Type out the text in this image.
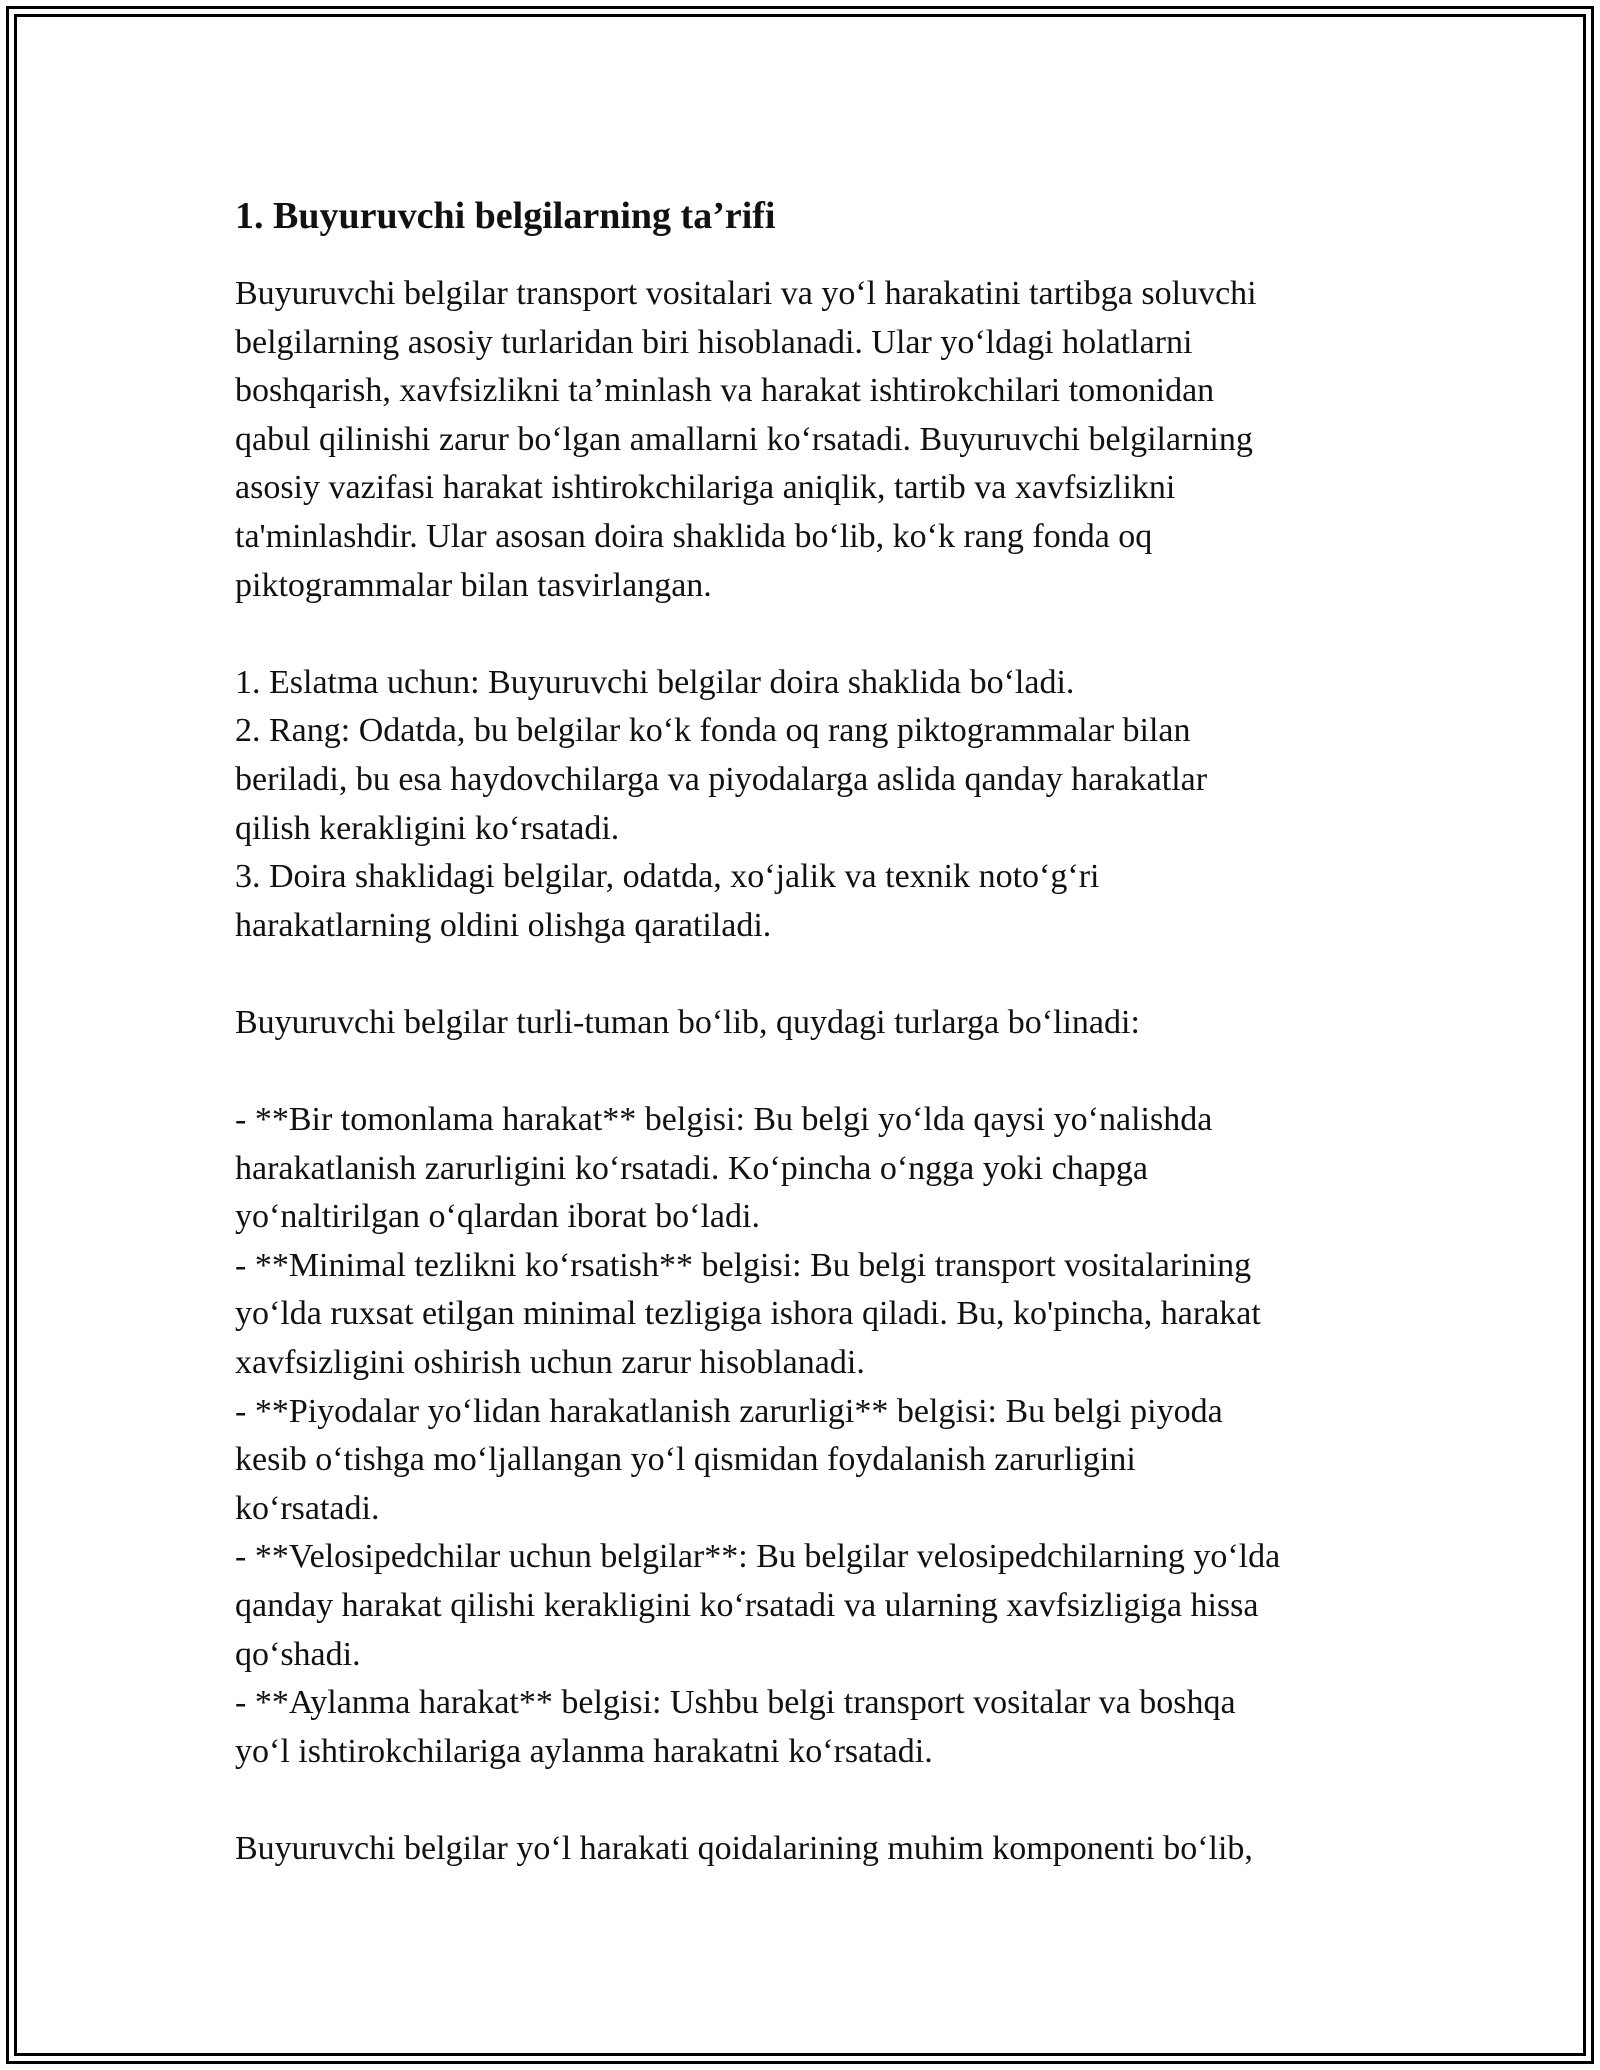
1. Buyuruvchi belgilarning ta’rifi

Buyuruvchi belgilar transport vositalari va yo‘l harakatini tartibga soluvchi
belgilarning asosiy turlaridan biri hisoblanadi. Ular yo‘ldagi holatlarni
boshqarish, xavfsizlikni ta’minlash va harakat ishtirokchilari tomonidan
qabul qilinishi zarur bo‘lgan amallarni ko‘rsatadi. Buyuruvchi belgilarning
asosiy vazifasi harakat ishtirokchilariga aniqlik, tartib va xavfsizlikni
ta'minlashdir. Ular asosan doira shaklida bo‘lib, ko‘k rang fonda oq
piktogrammalar bilan tasvirlangan.

1. Eslatma uchun: Buyuruvchi belgilar doira shaklida bo‘ladi.
2. Rang: Odatda, bu belgilar ko‘k fonda oq rang piktogrammalar bilan
beriladi, bu esa haydovchilarga va piyodalarga aslida qanday harakatlar
qilish kerakligini ko‘rsatadi.
3. Doira shaklidagi belgilar, odatda, xo‘jalik va texnik noto‘g‘ri
harakatlarning oldini olishga qaratiladi.

Buyuruvchi belgilar turli-tuman bo‘lib, quydagi turlarga bo‘linadi:

- **Bir tomonlama harakat** belgisi: Bu belgi yo‘lda qaysi yo‘nalishda
harakatlanish zarurligini ko‘rsatadi. Ko‘pincha o‘ngga yoki chapga
yo‘naltirilgan o‘qlardan iborat bo‘ladi.
- **Minimal tezlikni ko‘rsatish** belgisi: Bu belgi transport vositalarining
yo‘lda ruxsat etilgan minimal tezligiga ishora qiladi. Bu, ko'pincha, harakat
xavfsizligini oshirish uchun zarur hisoblanadi.
- **Piyodalar yo‘lidan harakatlanish zarurligi** belgisi: Bu belgi piyoda
kesib o‘tishga mo‘ljallangan yo‘l qismidan foydalanish zarurligini
ko‘rsatadi.
- **Velosipedchilar uchun belgilar**: Bu belgilar velosipedchilarning yo‘lda
qanday harakat qilishi kerakligini ko‘rsatadi va ularning xavfsizligiga hissa
qo‘shadi.
- **Aylanma harakat** belgisi: Ushbu belgi transport vositalar va boshqa
yo‘l ishtirokchilariga aylanma harakatni ko‘rsatadi.

Buyuruvchi belgilar yo‘l harakati qoidalarining muhim komponenti bo‘lib,
